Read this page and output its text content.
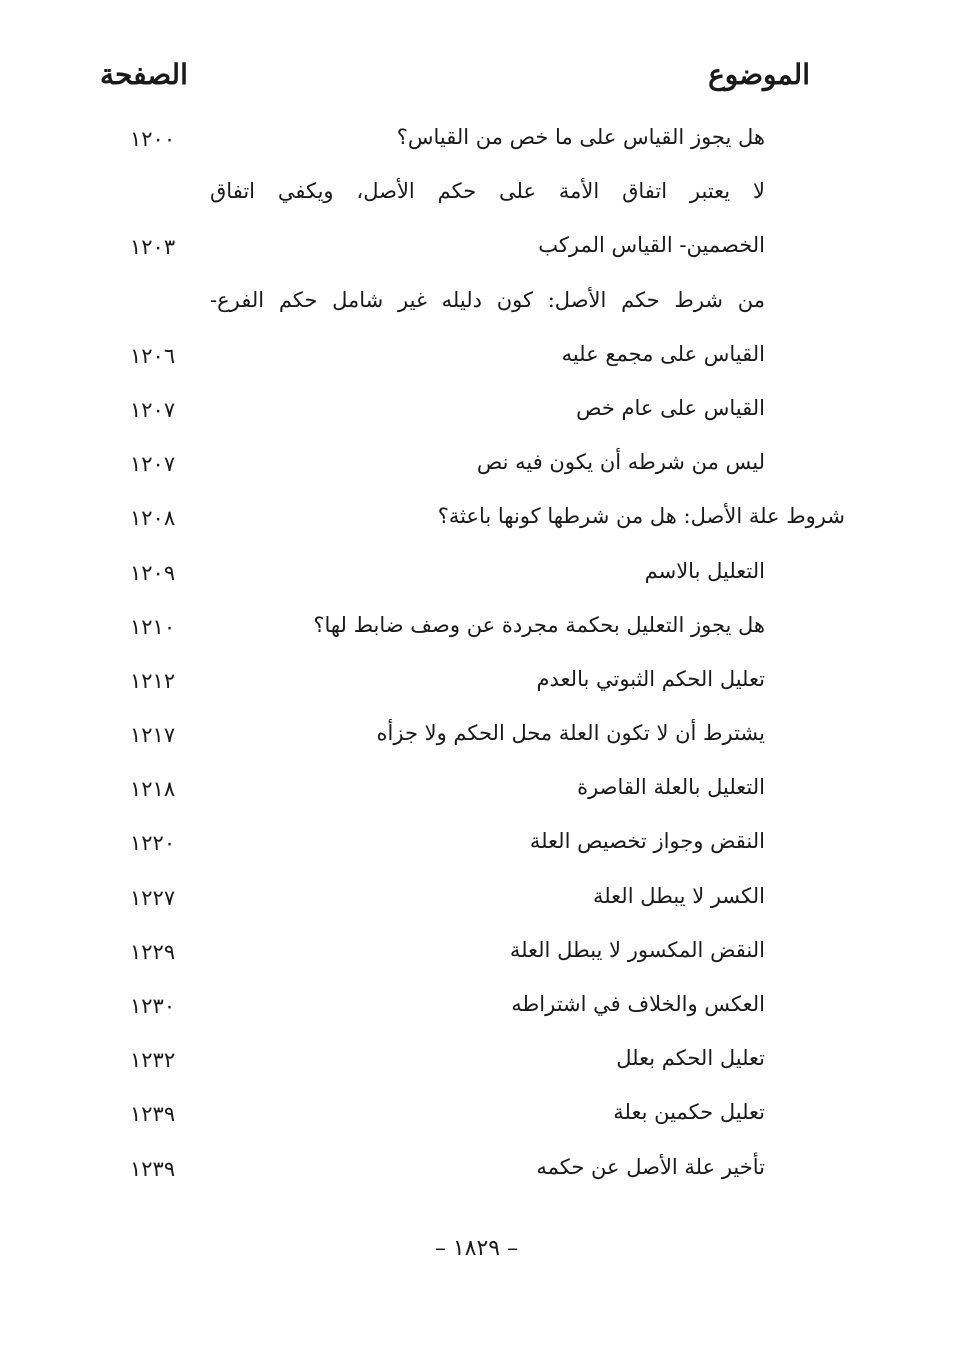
الموضوع
الصفحة
هل يجوز القياس على ما خص من القياس؟
١٢٠٠
لا يعتبر اتفاق الأمة على حكم الأصل، ويكفي اتفاق
الخصمين- القياس المركب
١٢٠٣
من شرط حكم الأصل: كون دليله غير شامل حكم الفرع-
القياس على مجمع عليه
١٢٠٦
القياس على عام خص
١٢٠٧
ليس من شرطه أن يكون فيه نص
١٢٠٧
شروط علة الأصل: هل من شرطها كونها باعثة؟
١٢٠٨
التعليل بالاسم
١٢٠٩
هل يجوز التعليل بحكمة مجردة عن وصف ضابط لها؟
١٢١٠
تعليل الحكم الثبوتي بالعدم
١٢١٢
يشترط أن لا تكون العلة محل الحكم ولا جزأه
١٢١٧
التعليل بالعلة القاصرة
١٢١٨
النقض وجواز تخصيص العلة
١٢٢٠
الكسر لا يبطل العلة
١٢٢٧
النقض المكسور لا يبطل العلة
١٢٢٩
العكس والخلاف في اشتراطه
١٢٣٠
تعليل الحكم بعلل
١٢٣٢
تعليل حكمين بعلة
١٢٣٩
تأخير علة الأصل عن حكمه
١٢٣٩
– ١٨٢٩ –
